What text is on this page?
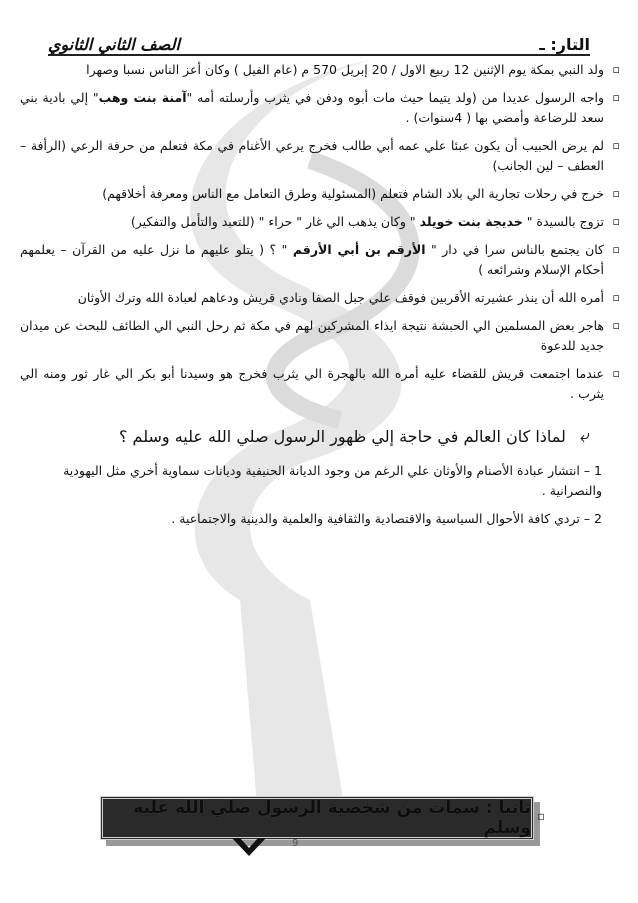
التار: ـ
الصف الثاني الثانوي
▫
ولد النبي بمكة يوم الإثنين 12 ربيع الاول / 20 إبريل 570 م (عام الفيل ) وكان أعز الناس نسبا وصهرا
▫
واجه الرسول عديدا من (ولد يتيما حيث مات أبوه ودفن في يثرب وأرسلته أمه "آمنة بنت وهب" إلي بادية بني سعد للرضاعة وأمضي بها ( 4سنوات) .
▫
لم يرض الحبيب أن يكون عبئا علي عمه أبي طالب فخرج يرعي الأغنام في مكة فتعلم من حرفة الرعي (الرأفة – العطف – لين الجانب)
▫
خرج في رحلات تجارية الي بلاد الشام فتعلم (المسئولية وطرق التعامل مع الناس ومعرفة أخلاقهم)
▫
تزوج بالسيدة " خديجة بنت خويلد " وكان يذهب الي غار " حراء " (للتعبد والتأمل والتفكير)
▫
كان يجتمع بالناس سرا في دار " الأرقم بن أبي الأرقم " ؟ ( يتلو عليهم ما نزل عليه من القرآن – يعلمهم أحكام الإسلام وشرائعه )
▫
أمره الله أن ينذر عشيرته الأقربين فوقف علي جبل الصفا ونادي قريش ودعاهم لعبادة الله وترك الأوثان
▫
هاجر بعض المسلمين الي الحبشة نتيجة ايذاء المشركين لهم في مكة ثم رحل النبي الي الطائف للبحث عن ميدان جديد للدعوة
▫
عندما اجتمعت قريش للقضاء عليه أمره الله بالهجرة الي يثرب فخرج هو وسيدنا أبو بكر الي غار ثور ومنه الي يثرب .
⤶
لماذا كان العالم في حاجة إلي ظهور الرسول صلي الله عليه وسلم ؟
1 – انتشار عبادة الأصنام والأوثان علي الرغم من وجود الديانة الحنيفية وديانات سماوية أخري مثل اليهودية والنصرانية .
2 – تردي كافة الأحوال السياسية والاقتصادية والثقافية والعلمية والدينية والاجتماعية .
ثانيا : سمات من شخصية الرسول صلي الله عليه وسلم
▫
9
